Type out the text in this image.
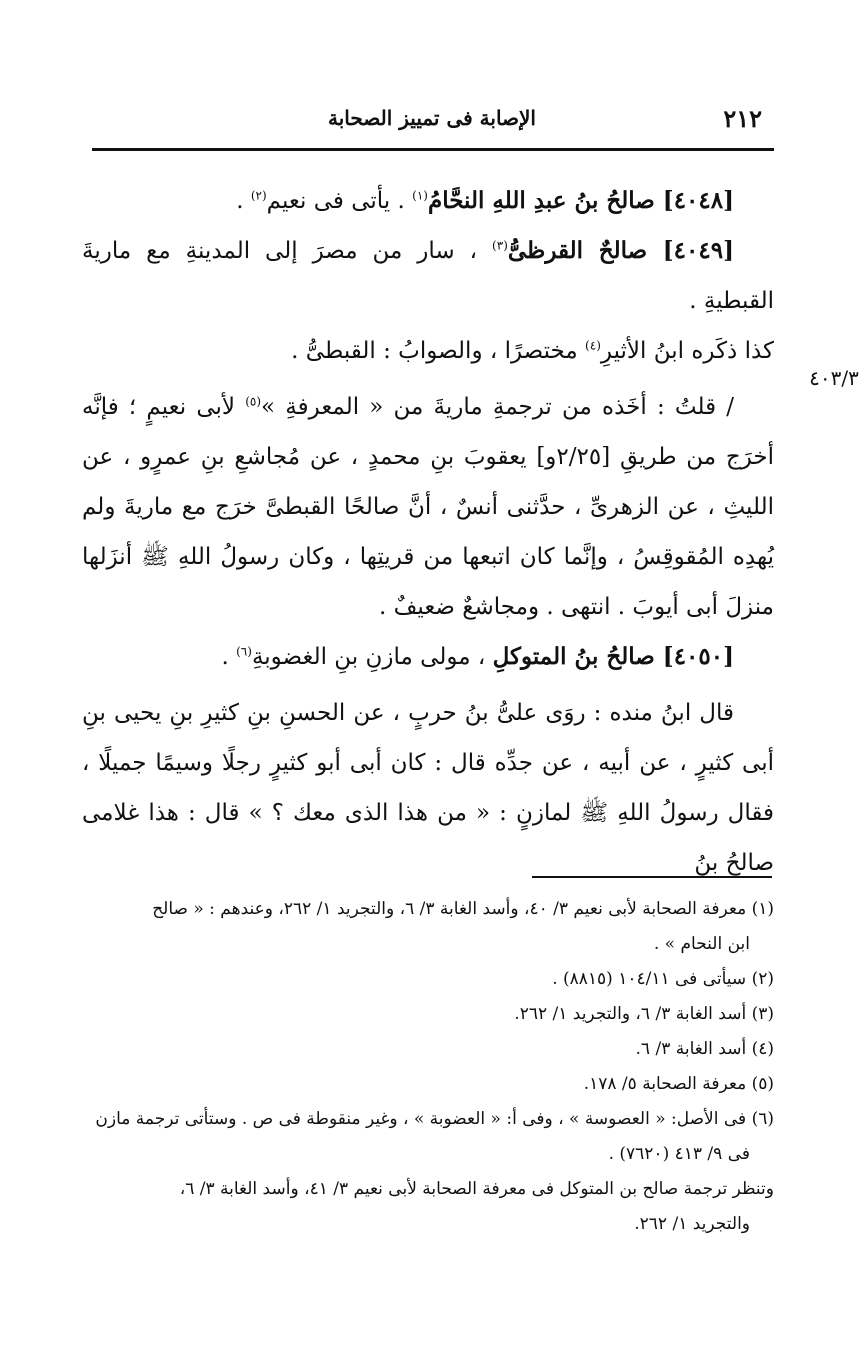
٢١٢
الإصابة فى تمييز الصحابة
٤٠٣/٣

[٤٠٤٨] صالحُ بنُ عبدِ اللهِ النحَّامُ$^{(١)}$ . يأتى فى نعيم$^{(٢)}$ .

[٤٠٤٩] صالحٌ القرظىُّ$^{(٣)}$ ، سار من مصرَ إلى المدينةِ مع ماريةَ القبطيةِ .

كذا ذكَره ابنُ الأثيرِ$^{(٤)}$ مختصرًا ، والصوابُ : القبطىُّ .

/ قلتُ : أخَذه من ترجمةِ ماريةَ من « المعرفةِ »$^{(٥)}$ لأبى نعيمٍ ؛ فإنَّه أخرَج من طريقِ [٢/٢٥و] يعقوبَ بنِ محمدٍ ، عن مُجاشعِ بنِ عمرٍو ، عن الليثِ ، عن الزهرىِّ ، حدَّثنى أنسٌ ، أنَّ صالحًا القبطىَّ خرَج مع ماريةَ ولم يُهدِه المُقوقِسُ ، وإنَّما كان اتبعها من قريتِها ، وكان رسولُ اللهِ ﷺ أنزَلها منزلَ أبى أيوبَ . انتهى . ومجاشعٌ ضعيفٌ .

[٤٠٥٠] صالحُ بنُ المتوكلِ ، مولى مازنِ بنِ الغضوبةِ$^{(٦)}$ .

قال ابنُ منده : روَى علىُّ بنُ حربٍ ، عن الحسنِ بنِ كثيرِ بنِ يحيى بنِ أبى كثيرٍ ، عن أبيه ، عن جدِّه قال : كان أبى أبو كثيرٍ رجلًا وسيمًا جميلًا ، فقال رسولُ اللهِ ﷺ لمازنٍ : « من هذا الذى معك ؟ » قال : هذا غلامى صالحُ بنُ

(١) معرفة الصحابة لأبى نعيم ٣/ ٤٠، وأسد الغابة ٣/ ٦، والتجريد ١/ ٢٦٢، وعندهم : « صالح

ابن النحام » .

(٢) سيأتى فى ١٠٤/١١ (٨٨١٥) .

(٣) أسد الغابة ٣/ ٦، والتجريد ١/ ٢٦٢.

(٤) أسد الغابة ٣/ ٦.

(٥) معرفة الصحابة ٥/ ١٧٨.

(٦) فى الأصل: « العصوسة » ، وفى أ: « العضوبة » ، وغير منقوطة فى ص . وستأتى ترجمة مازن

فى ٩/ ٤١٣ (٧٦٢٠) .

وتنظر ترجمة صالح بن المتوكل فى معرفة الصحابة لأبى نعيم ٣/ ٤١، وأسد الغابة ٣/ ٦،

والتجريد ١/ ٢٦٢.
